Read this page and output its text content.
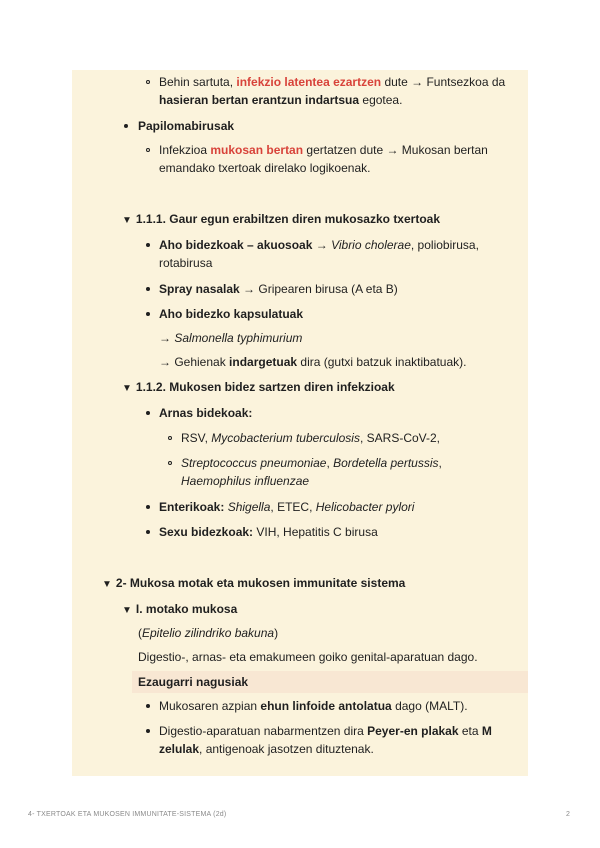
Behin sartuta, infekzio latentea ezartzen dute → Funtsezkoa da
hasieran bertan erantzun indartsua egotea.
Papilomabirusak
Infekzioa mukosan bertan gertatzen dute → Mukosan bertan
emandako txertoak direlako logikoenak.
▼ 1.1.1. Gaur egun erabiltzen diren mukosazko txertoak
Aho bidezkoak – akuosoak → Vibrio cholerae, poliobirusa,
rotabirusa
Spray nasalak → Gripearen birusa (A eta B)
Aho bidezko kapsulatuak
→ Salmonella typhimurium
→ Gehienak indargetuak dira (gutxi batzuk inaktibatuak).
▼ 1.1.2. Mukosen bidez sartzen diren infekzioak
Arnas bidekoak:
RSV, Mycobacterium tuberculosis, SARS-CoV-2,
Streptococcus pneumoniae, Bordetella pertussis,
Haemophilus influenzae
Enterikoak: Shigella, ETEC, Helicobacter pylori
Sexu bidezkoak: VIH, Hepatitis C birusa
▼ 2- Mukosa motak eta mukosen immunitate sistema
▼ I. motako mukosa
(Epitelio zilindriko bakuna)
Digestio-, arnas- eta emakumeen goiko genital-aparatuan dago.
Ezaugarri nagusiak
Mukosaren azpian ehun linfoide antolatua dago (MALT).
Digestio-aparatuan nabarmentzen dira Peyer-en plakak eta M
zelulak, antigenoak jasotzen dituztenak.
4- TXERTOAK ETA MUKOSEN IMMUNITATE-SISTEMA (2d)	2
